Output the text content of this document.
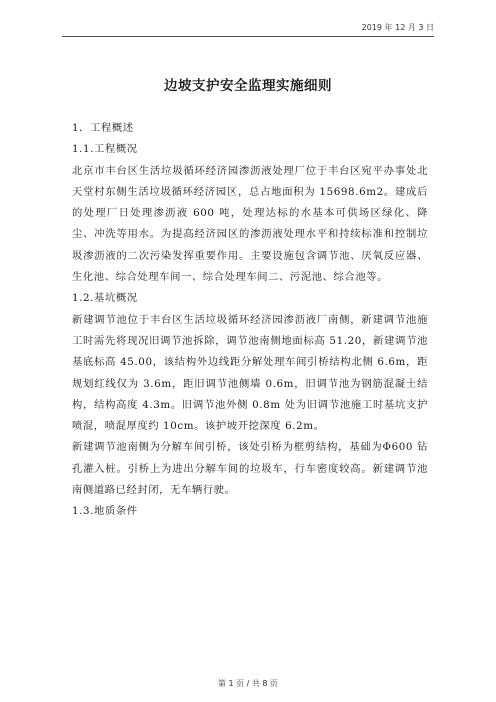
2019 年 12 月 3 日
边坡支护安全监理实施细则

1．工程概述

1.1.工程概况

北京市丰台区生活垃圾循环经济园渗沥液处理厂位于丰台区宛平办事处北天堂村东侧生活垃圾循环经济园区，总占地面积为 15698.6m2。建成后的处理厂日处理渗沥液 600 吨，处理达标的水基本可供场区绿化、降尘、冲洗等用水。为提高经济园区的渗沥液处理水平和持续标准和控制垃圾渗沥液的二次污染发挥重要作用。主要设施包含调节池、厌氧反应器、生化池、综合处理车间一、综合处理车间二、污泥池、综合池等。

1.2.基坑概况

新建调节池位于丰台区生活垃圾循环经济园渗沥液厂南侧，新建调节池施工时需先将现况旧调节池拆除，调节池南侧地面标高 51.20，新建调节池基底标高 45.00，该结构外边线距分解处理车间引桥结构北侧 6.6m，距规划红线仅为 3.6m，距旧调节池侧墙 0.6m，旧调节池为钢筋混凝土结构，结构高度 4.3m。旧调节池外侧 0.8m 处为旧调节池施工时基坑支护喷混，喷混厚度约 10cm。该护坡开挖深度 6.2m。

新建调节池南侧为分解车间引桥，该处引桥为框剪结构，基础为Φ600 钻孔灌入桩。引桥上为进出分解车间的垃圾车，行车密度较高。新建调节池南侧道路已经封闭，无车辆行驶。

1.3.地质条件

第 1 页 / 共 8 页
